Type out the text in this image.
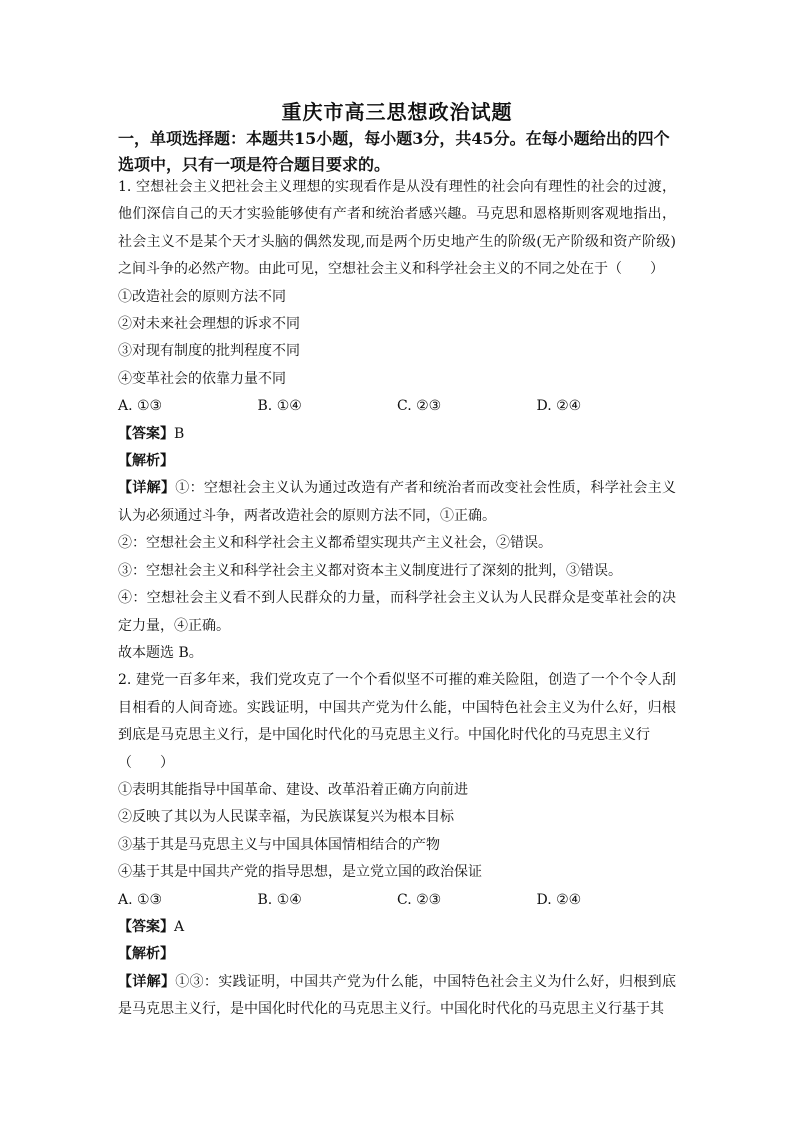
重庆市高三思想政治试题
一，单项选择题：本题共15小题，每小题3分，共45分。在每小题给出的四个选项中，只有一项是符合题目要求的。

1. 空想社会主义把社会主义理想的实现看作是从没有理性的社会向有理性的社会的过渡，他们深信自己的天才实验能够使有产者和统治者感兴趣。马克思和恩格斯则客观地指出，社会主义不是某个天才头脑的偶然发现,而是两个历史地产生的阶级(无产阶级和资产阶级)之间斗争的必然产物。由此可见，空想社会主义和科学社会主义的不同之处在于（　　）

①改造社会的原则方法不同

②对未来社会理想的诉求不同

③对现有制度的批判程度不同

④变革社会的依靠力量不同

A. ①③	B. ①④	C. ②③	D. ②④

【答案】B

【解析】

【详解】①：空想社会主义认为通过改造有产者和统治者而改变社会性质，科学社会主义认为必须通过斗争，两者改造社会的原则方法不同，①正确。

②：空想社会主义和科学社会主义都希望实现共产主义社会，②错误。

③：空想社会主义和科学社会主义都对资本主义制度进行了深刻的批判，③错误。

④：空想社会主义看不到人民群众的力量，而科学社会主义认为人民群众是变革社会的决定力量，④正确。

故本题选 B。

2. 建党一百多年来，我们党攻克了一个个看似坚不可摧的难关险阻，创造了一个个令人刮目相看的人间奇迹。实践证明，中国共产党为什么能，中国特色社会主义为什么好，归根到底是马克思主义行，是中国化时代化的马克思主义行。中国化时代化的马克思主义行

（　　）

①表明其能指导中国革命、建设、改革沿着正确方向前进

②反映了其以为人民谋幸福，为民族谋复兴为根本目标

③基于其是马克思主义与中国具体国情相结合的产物

④基于其是中国共产党的指导思想，是立党立国的政治保证

A. ①③	B. ①④	C. ②③	D. ②④

【答案】A

【解析】

【详解】①③：实践证明，中国共产党为什么能，中国特色社会主义为什么好，归根到底是马克思主义行，是中国化时代化的马克思主义行。中国化时代化的马克思主义行基于其
